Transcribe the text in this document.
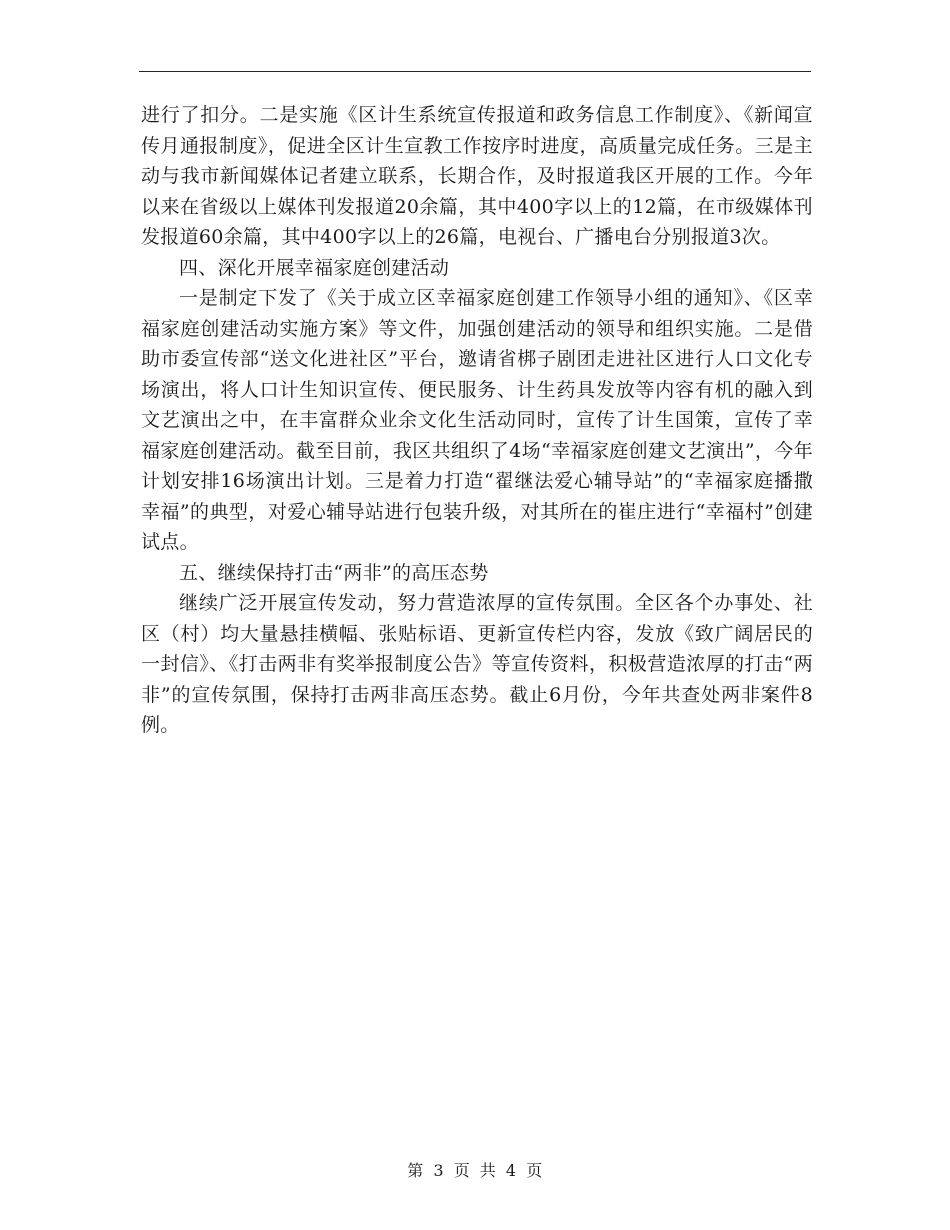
进行了扣分。二是实施《区计生系统宣传报道和政务信息工作制度》、《新闻宣传月通报制度》，促进全区计生宣教工作按序时进度，高质量完成任务。三是主动与我市新闻媒体记者建立联系，长期合作，及时报道我区开展的工作。今年以来在省级以上媒体刊发报道20余篇，其中400字以上的12篇，在市级媒体刊发报道60余篇，其中400字以上的26篇，电视台、广播电台分别报道3次。

四、深化开展幸福家庭创建活动

一是制定下发了《关于成立区幸福家庭创建工作领导小组的通知》、《区幸福家庭创建活动实施方案》等文件，加强创建活动的领导和组织实施。二是借助市委宣传部“送文化进社区”平台，邀请省梆子剧团走进社区进行人口文化专场演出，将人口计生知识宣传、便民服务、计生药具发放等内容有机的融入到文艺演出之中，在丰富群众业余文化生活动同时，宣传了计生国策，宣传了幸福家庭创建活动。截至目前，我区共组织了4场“幸福家庭创建文艺演出”，今年计划安排16场演出计划。三是着力打造“翟继法爱心辅导站”的“幸福家庭播撒幸福”的典型，对爱心辅导站进行包装升级，对其所在的崔庄进行“幸福村”创建试点。

五、继续保持打击“两非”的高压态势

继续广泛开展宣传发动，努力营造浓厚的宣传氛围。全区各个办事处、社区（村）均大量悬挂横幅、张贴标语、更新宣传栏内容，发放《致广阔居民的一封信》、《打击两非有奖举报制度公告》等宣传资料，积极营造浓厚的打击“两非”的宣传氛围，保持打击两非高压态势。截止6月份，今年共查处两非案件8例。

第 3 页 共 4 页
